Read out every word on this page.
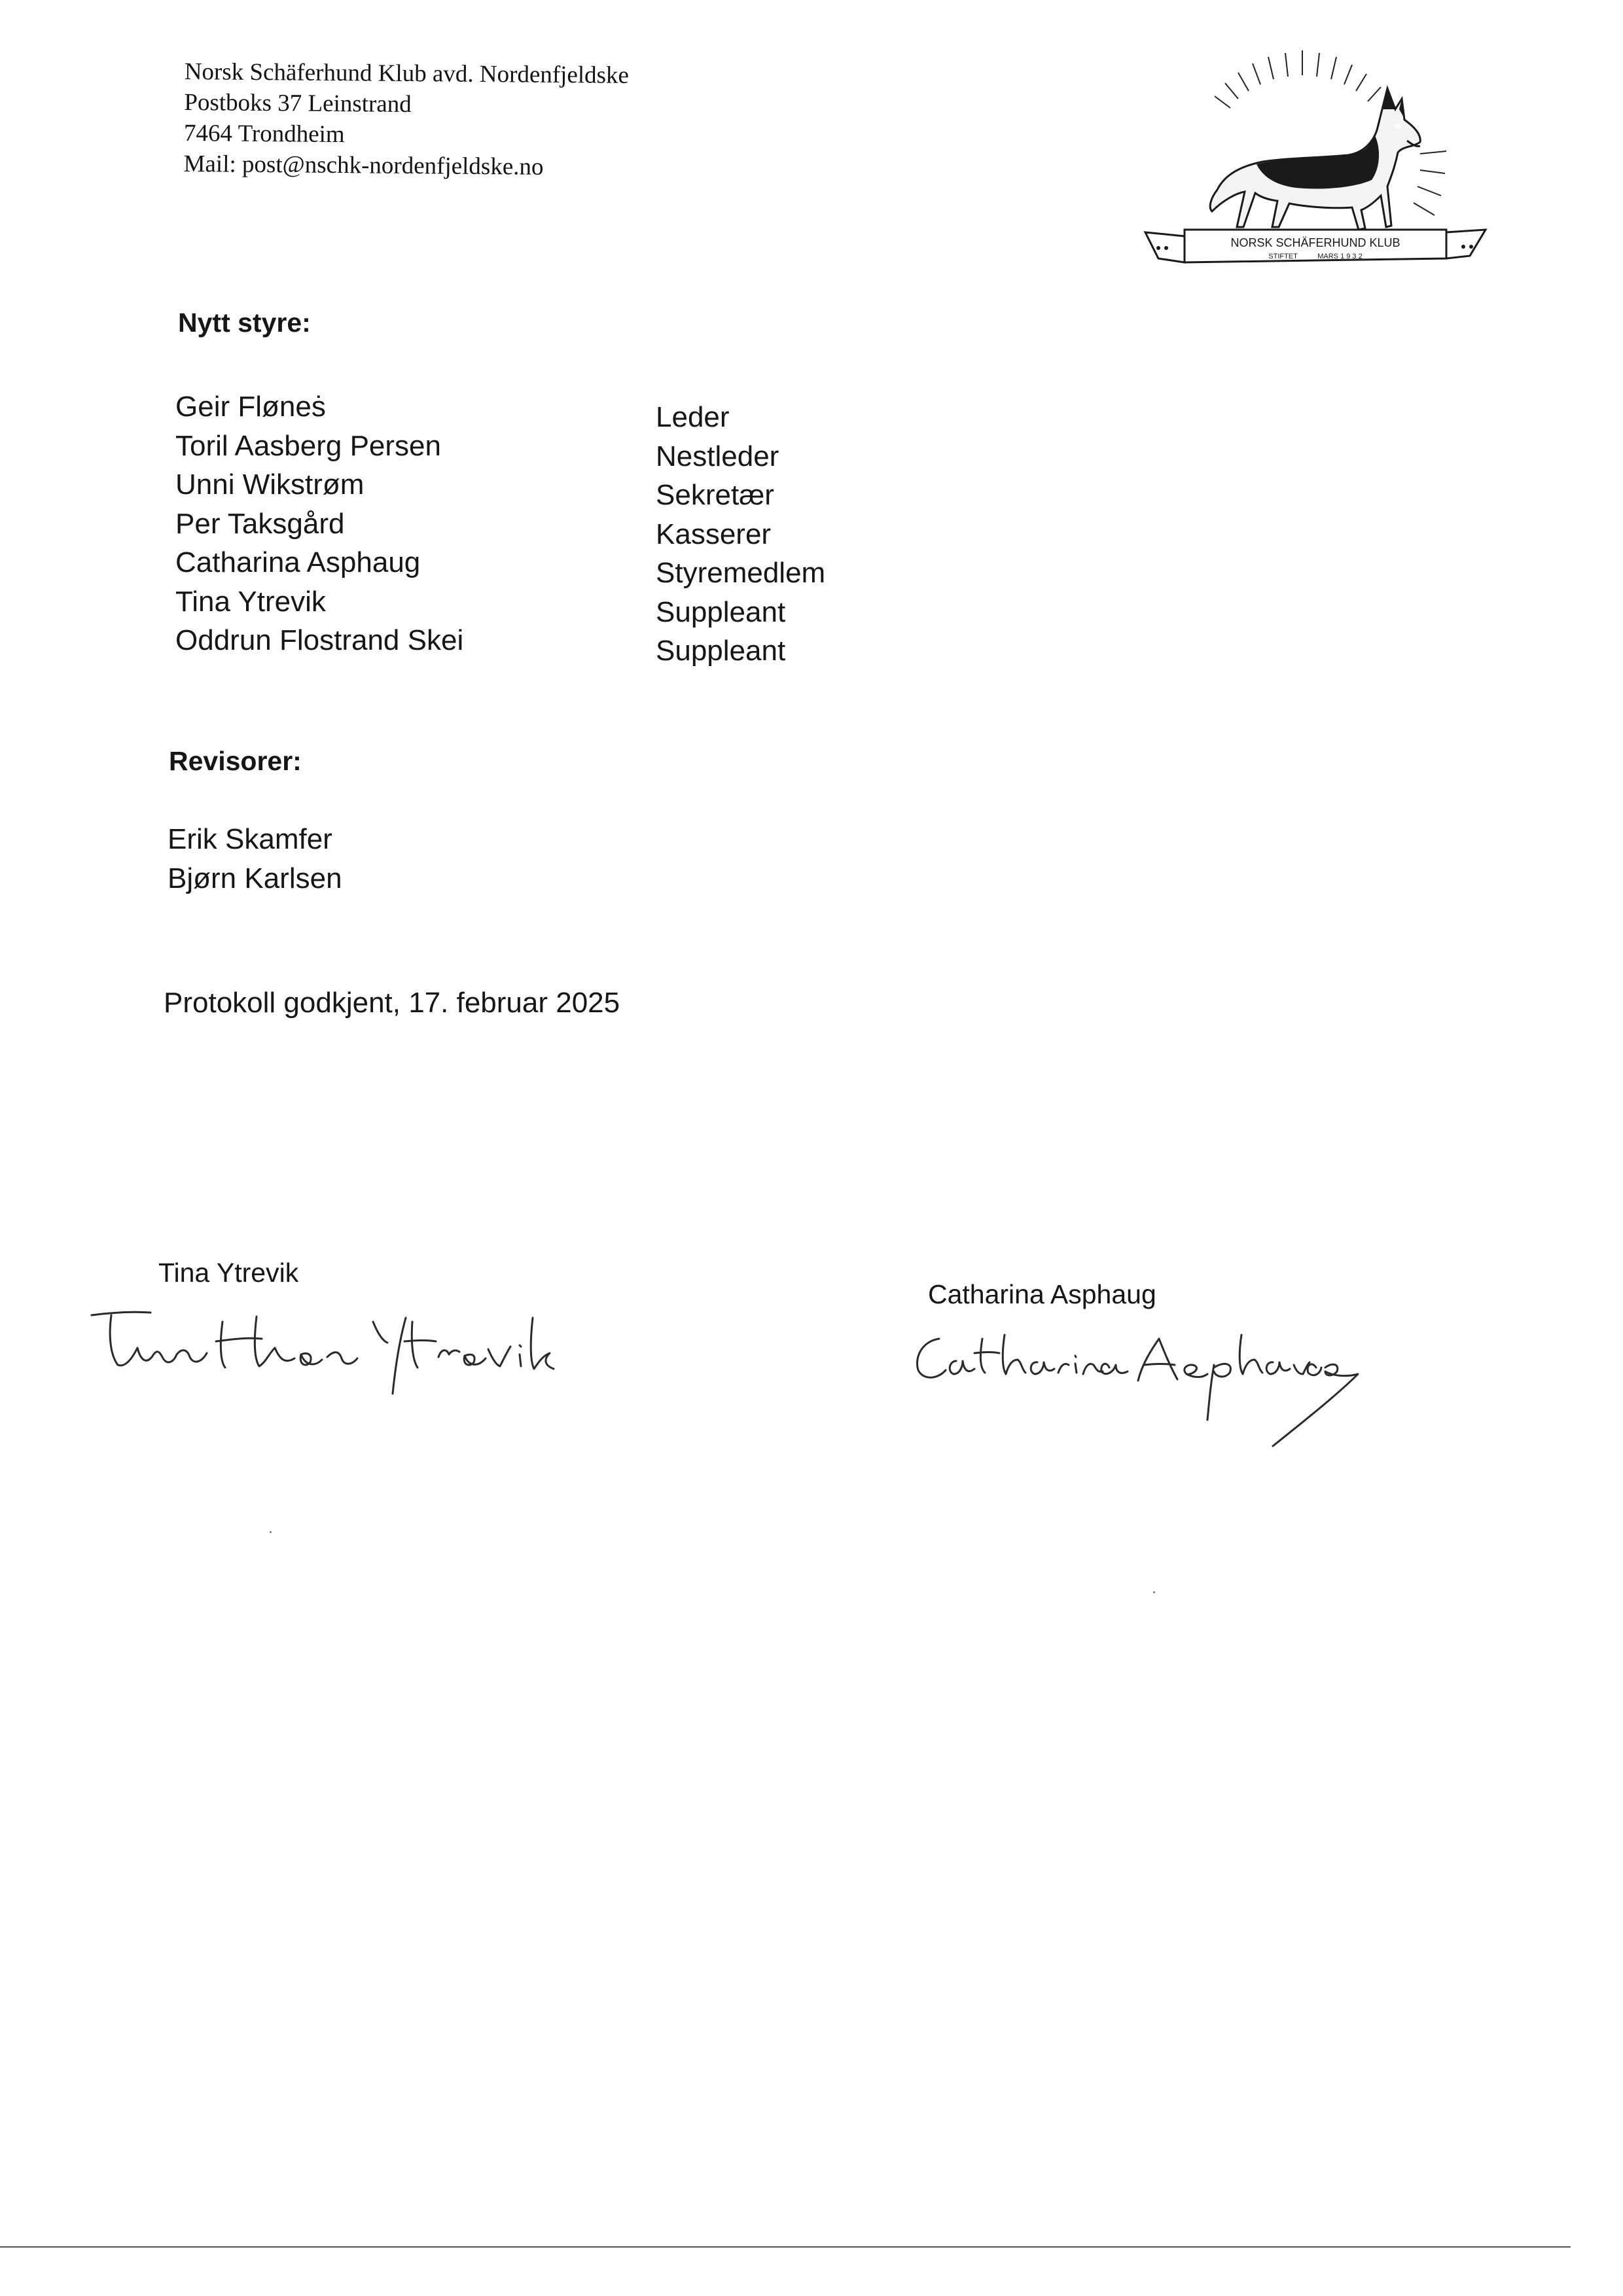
Norsk Schäferhund Klub avd. Nordenfjeldske
Postboks 37 Leinstrand
7464 Trondheim
Mail: post@nschk-nordenfjeldske.no
NORSK SCHÄFERHUND KLUB
STIFTET          MARS 1 9 3 2
Nytt styre:
Geir Fløneṡ
Toril Aasberg Persen
Unni Wikstrøm
Per Taksgård
Catharina Asphaug
Tina Ytrevik
Oddrun Flostrand Skei
Leder
Nestleder
Sekretær
Kasserer
Styremedlem
Suppleant
Suppleant
Revisorer:
Erik Skamfer
Bjørn Karlsen
Protokoll godkjent, 17. februar 2025
Tina Ytrevik
Catharina Asphaug
